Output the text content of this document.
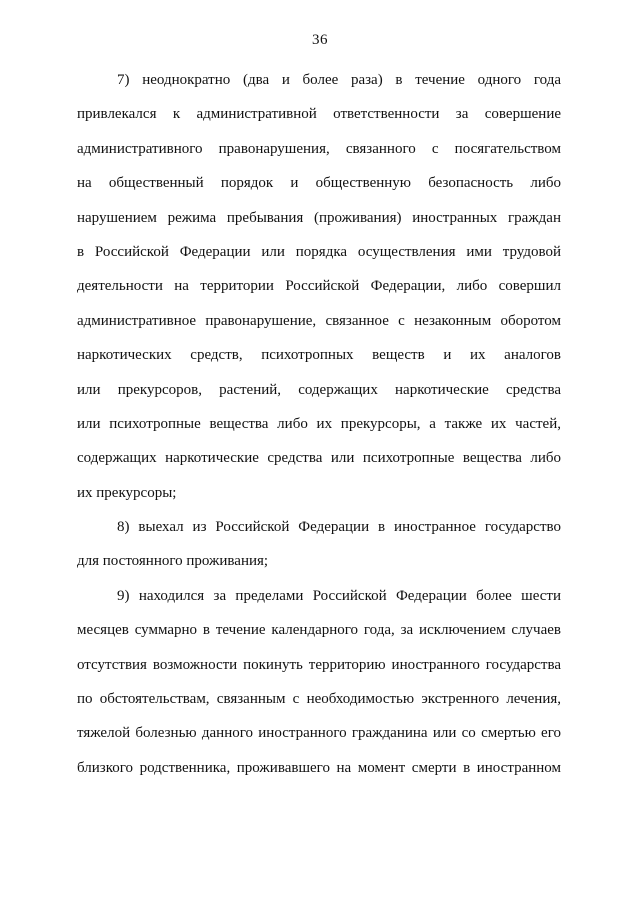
36
7) неоднократно (два и более раза) в течение одного года
привлекался к административной ответственности за совершение
административного правонарушения, связанного с посягательством
на общественный порядок и общественную безопасность либо
нарушением режима пребывания (проживания) иностранных граждан
в Российской Федерации или порядка осуществления ими трудовой
деятельности на территории Российской Федерации, либо совершил
административное правонарушение, связанное с незаконным оборотом
наркотических средств, психотропных веществ и их аналогов
или прекурсоров, растений, содержащих наркотические средства
или психотропные вещества либо их прекурсоры, а также их частей,
содержащих наркотические средства или психотропные вещества либо
их прекурсоры;
8) выехал из Российской Федерации в иностранное государство
для постоянного проживания;
9) находился за пределами Российской Федерации более шести
месяцев суммарно в течение календарного года, за исключением случаев
отсутствия возможности покинуть территорию иностранного государства
по обстоятельствам, связанным с необходимостью экстренного лечения,
тяжелой болезнью данного иностранного гражданина или со смертью его
близкого родственника, проживавшего на момент смерти в иностранном
